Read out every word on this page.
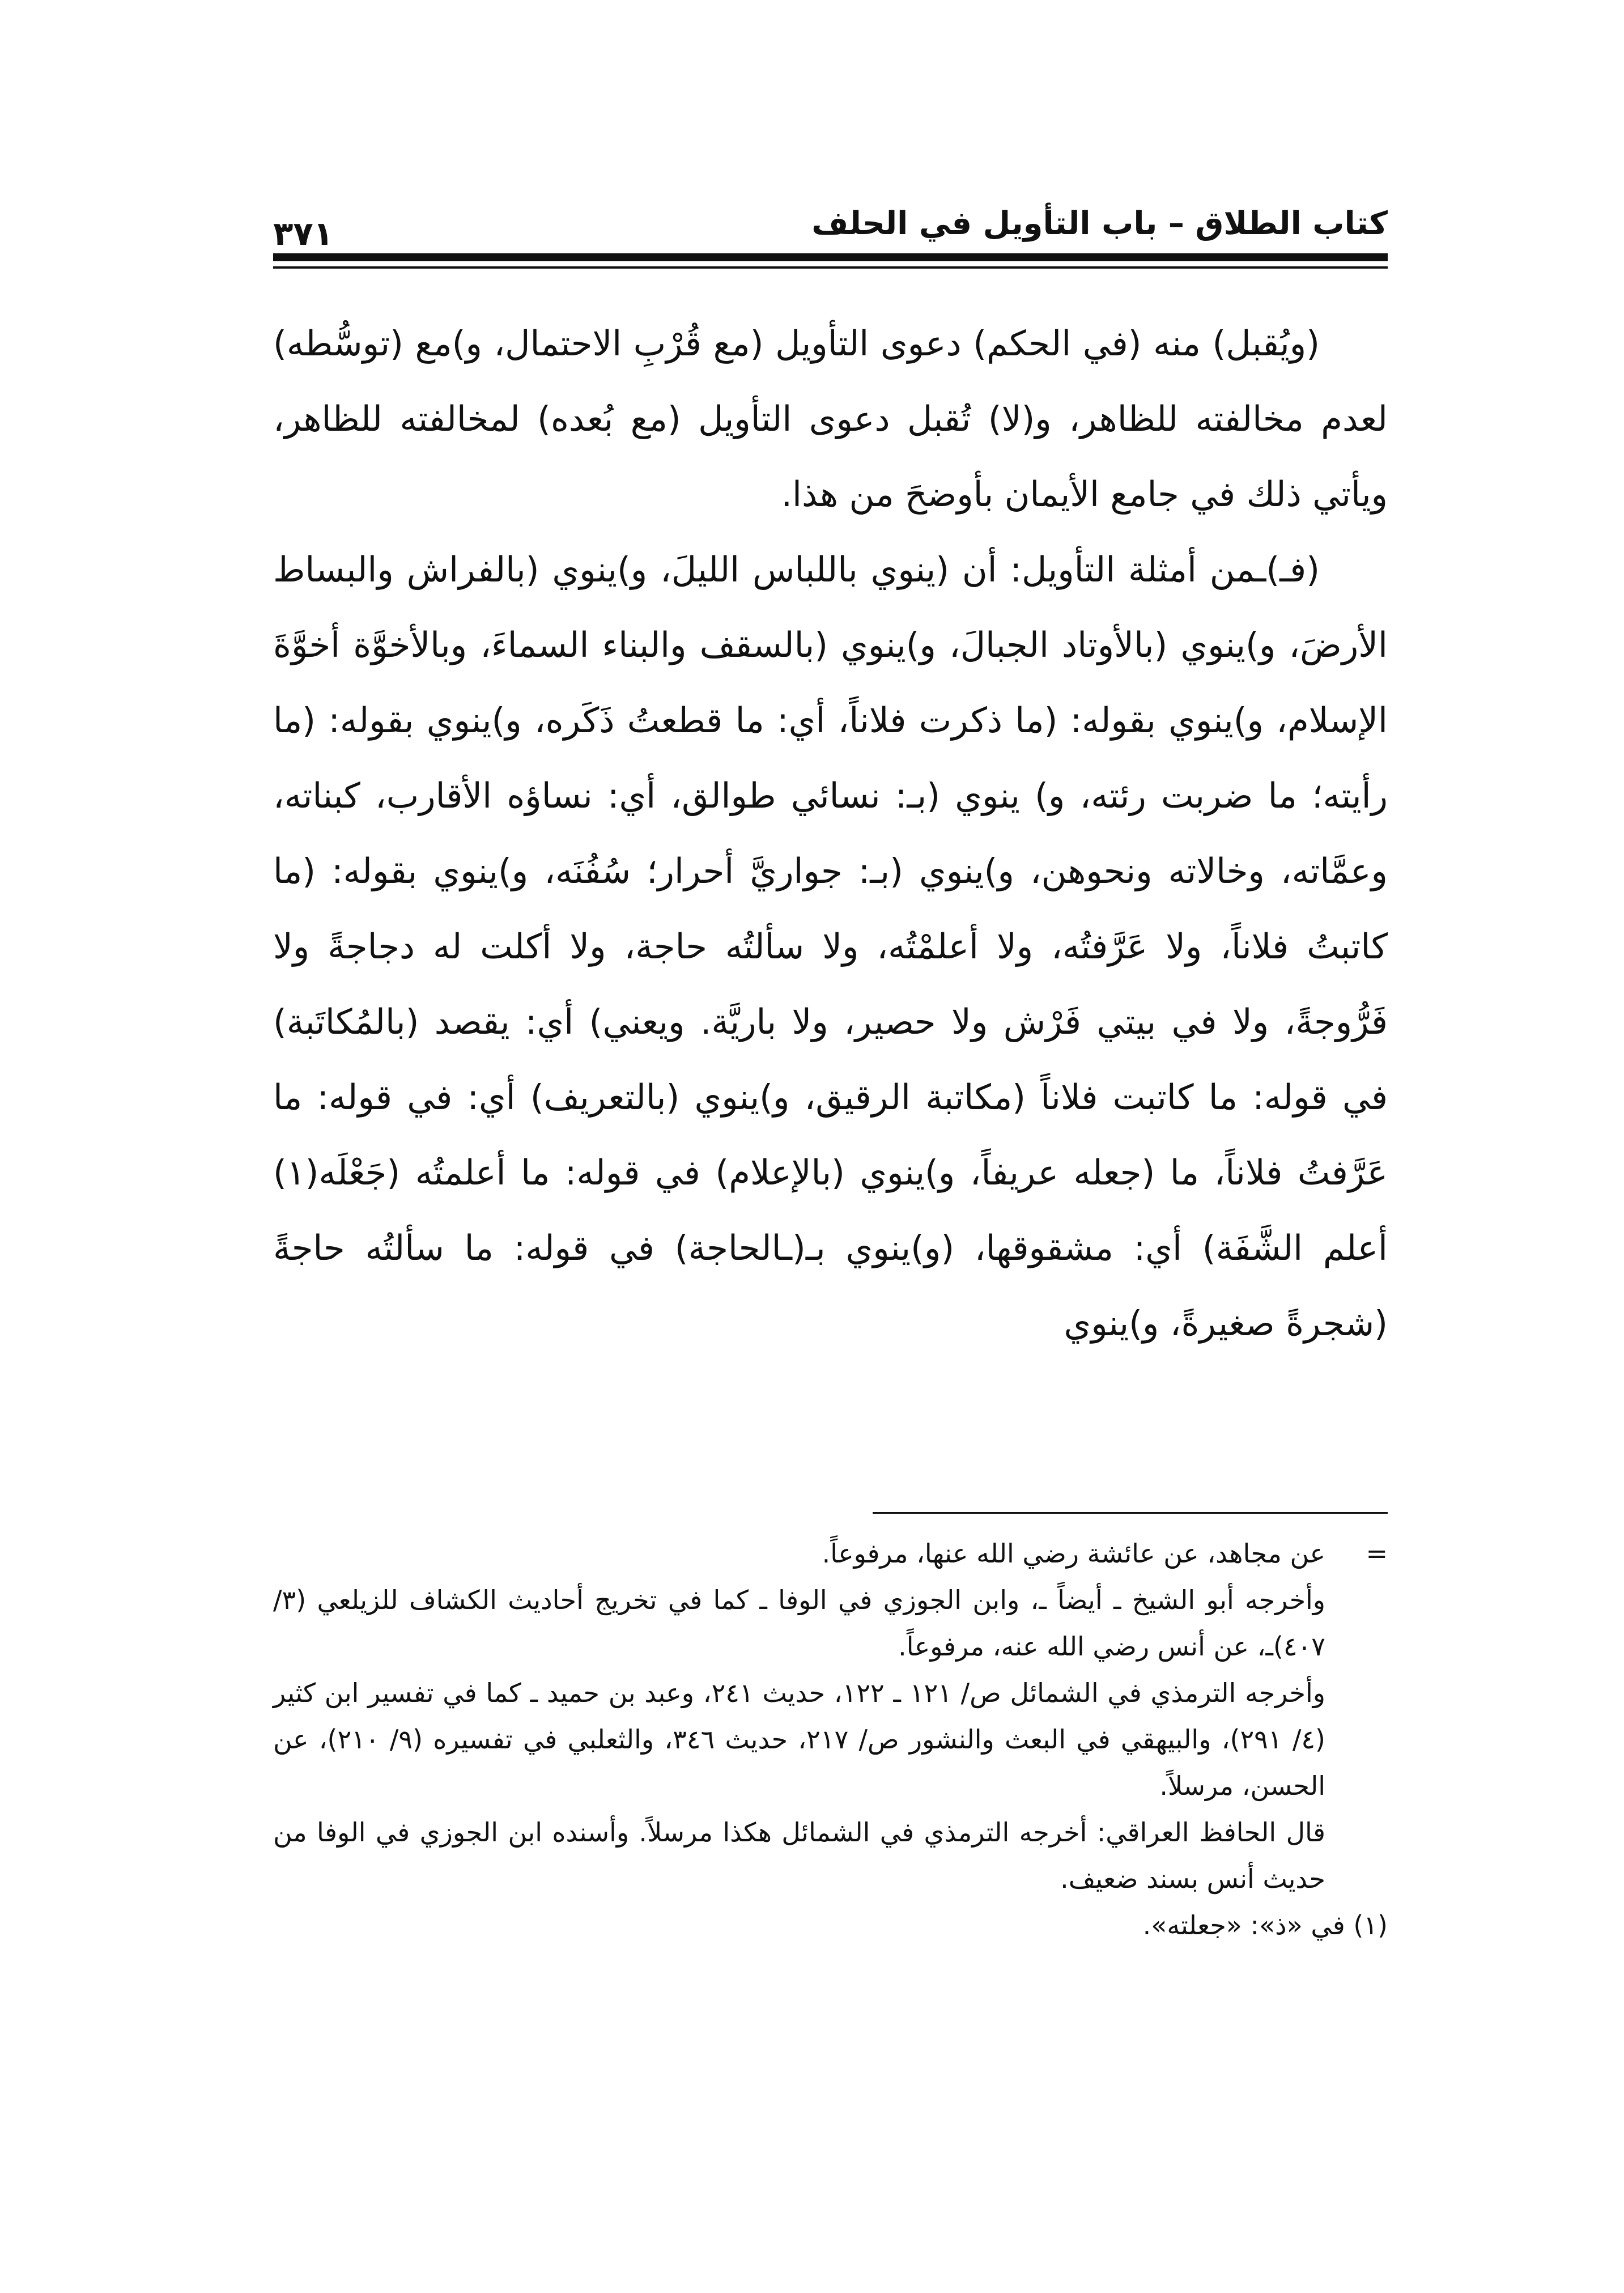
كتاب الطلاق – باب التأويل في الحلف
٣٧١

(ويُقبل) منه (في الحكم) دعوى التأويل (مع قُرْبِ الاحتمال، و)مع (توسُّطه) لعدم مخالفته للظاهر، و(لا) تُقبل دعوى التأويل (مع بُعده) لمخالفته للظاهر، ويأتي ذلك في جامع الأيمان بأوضحَ من هذا.

(فـ)ـمن أمثلة التأويل: أن (ينوي باللباس الليلَ، و)ينوي (بالفراش والبساط الأرضَ، و)ينوي (بالأوتاد الجبالَ، و)ينوي (بالسقف والبناء السماءَ، وبالأخوَّة أخوَّةَ الإسلام، و)ينوي بقوله: (ما ذكرت فلاناً، أي: ما قطعتُ ذَكَره، و)ينوي بقوله: (ما رأيته؛ ما ضربت رئته، و) ينوي (بـ: نسائي طوالق، أي: نساؤه الأقارب، كبناته، وعمَّاته، وخالاته ونحوهن، و)ينوي (بـ: جواريَّ أحرار؛ سُفُنَه، و)ينوي بقوله: (ما كاتبتُ فلاناً، ولا عَرَّفتُه، ولا أعلمْتُه، ولا سألتُه حاجة، ولا أكلت له دجاجةً ولا فَرُّوجةً، ولا في بيتي فَرْش ولا حصير، ولا باريَّة. ويعني) أي: يقصد (بالمُكاتَبة) في قوله: ما كاتبت فلاناً (مكاتبة الرقيق، و)ينوي (بالتعريف) أي: في قوله: ما عَرَّفتُ فلاناً، ما (جعله عريفاً، و)ينوي (بالإعلام) في قوله: ما أعلمتُه (جَعْلَه(١) أعلم الشَّفَة) أي: مشقوقها، (و)ينوي بـ(ـالحاجة) في قوله: ما سألتُه حاجةً (شجرةً صغيرةً، و)ينوي

=
عن مجاهد، عن عائشة رضي الله عنها، مرفوعاً.
وأخرجه أبو الشيخ ـ أيضاً ـ، وابن الجوزي في الوفا ـ كما في تخريج أحاديث الكشاف للزيلعي (٣/ ٤٠٧)ـ، عن أنس رضي الله عنه، مرفوعاً.
وأخرجه الترمذي في الشمائل ص/ ١٢١ ـ ١٢٢، حديث ٢٤١، وعبد بن حميد ـ كما في تفسير ابن كثير (٤/ ٢٩١)، والبيهقي في البعث والنشور ص/ ٢١٧، حديث ٣٤٦، والثعلبي في تفسيره (٩/ ٢١٠)، عن الحسن، مرسلاً.
قال الحافظ العراقي: أخرجه الترمذي في الشمائل هكذا مرسلاً. وأسنده ابن الجوزي في الوفا من حديث أنس بسند ضعيف.
(١) في «ذ»: «جعلته».
